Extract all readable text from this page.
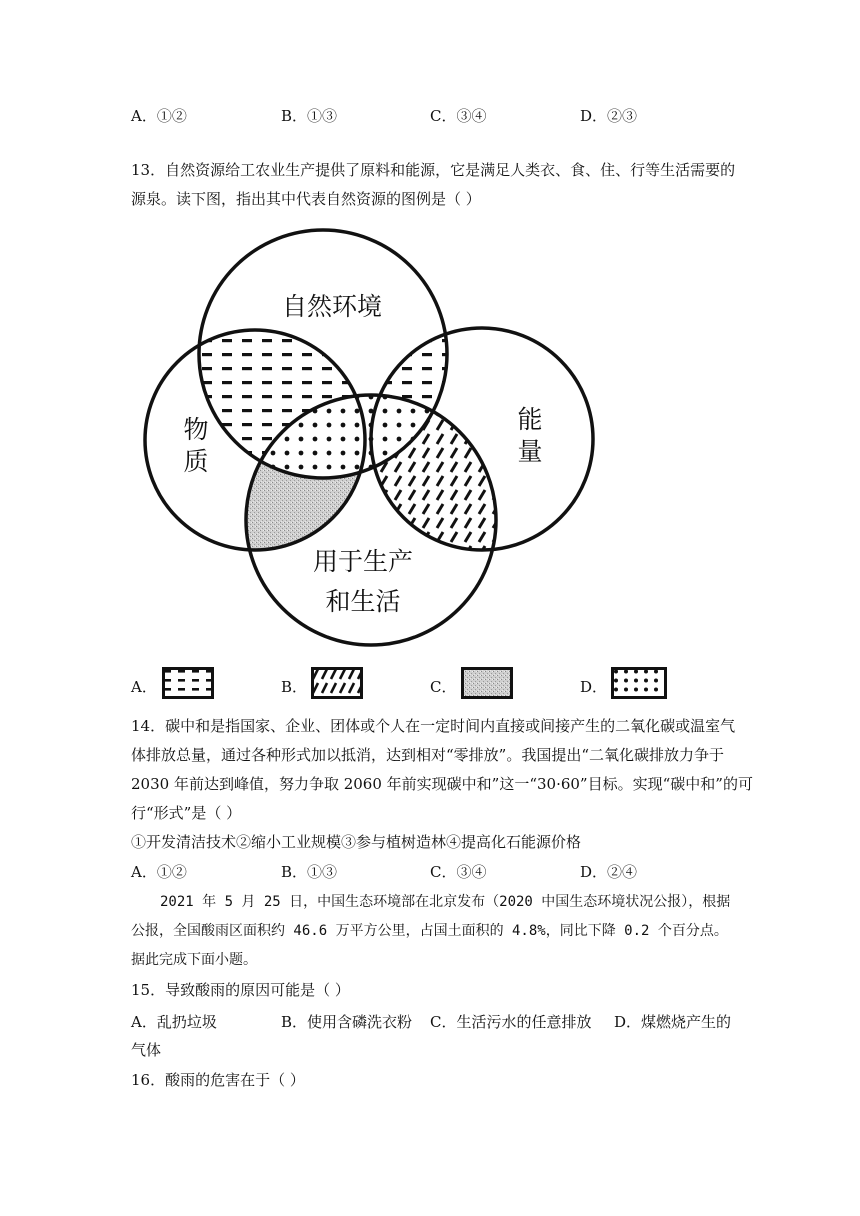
A．①②	B．①③	C．③④	D．②③
13．自然资源给工农业生产提供了原料和能源，它是满足人类衣、食、住、行等生活需要的
源泉。读下图，指出其中代表自然资源的图例是（ ）
自然环境
物
质
能
量
用于生产
和生活
A．	B．	C．	D．
14．碳中和是指国家、企业、团体或个人在一定时间内直接或间接产生的二氧化碳或温室气
体排放总量，通过各种形式加以抵消，达到相对“零排放”。我国提出“二氧化碳排放力争于
2030 年前达到峰值，努力争取 2060 年前实现碳中和”这一“30·60”目标。实现“碳中和”的可
行“形式”是（ ）
①开发清洁技术②缩小工业规模③参与植树造林④提高化石能源价格
A．①②	B．①③	C．③④	D．②④
2021 年 5 月 25 日，中国生态环境部在北京发布（2020 中国生态环境状况公报），根据
公报，全国酸雨区面积约 46.6 万平方公里，占国土面积的 4.8%，同比下降 0.2 个百分点。
据此完成下面小题。
15．导致酸雨的原因可能是（ ）
A．乱扔垃圾	B．使用含磷洗衣粉 C．生活污水的任意排放 D．煤燃烧产生的
气体
16．酸雨的危害在于（ ）
